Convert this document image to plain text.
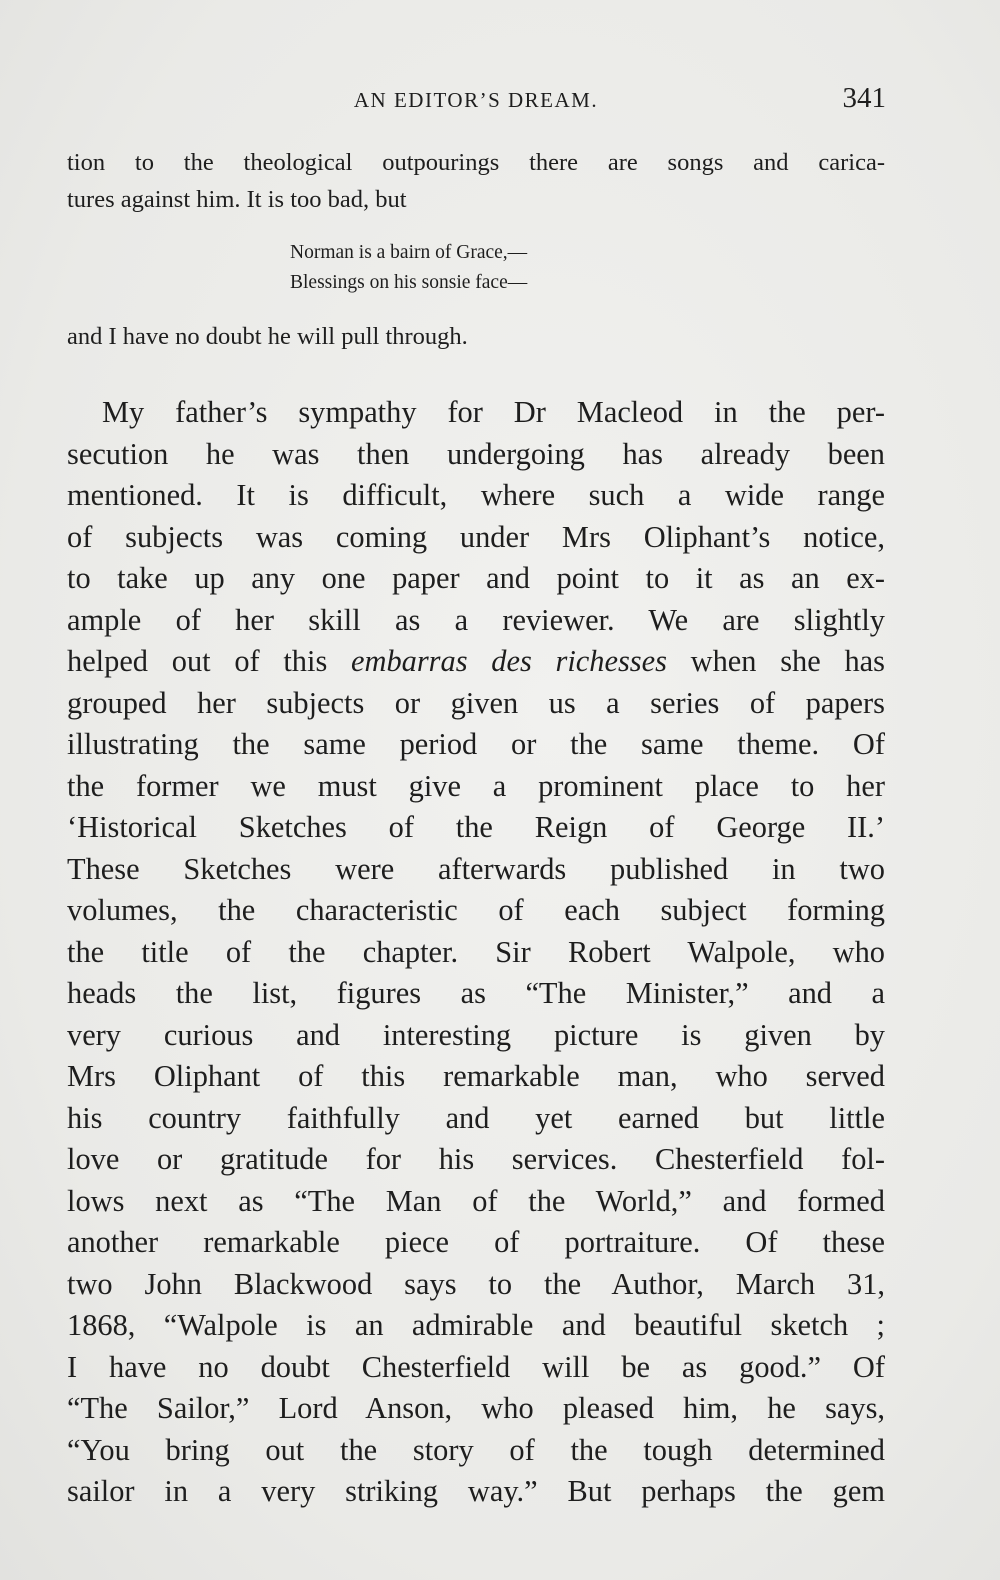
AN EDITOR’S DREAM.	341
tion to the theological outpourings there are songs and carica-
tures against him. It is too bad, but
Norman is a bairn of Grace,—
Blessings on his sonsie face—
and I have no doubt he will pull through.
My father’s sympathy for Dr Macleod in the per-
secution he was then undergoing has already been
mentioned. It is difficult, where such a wide range
of subjects was coming under Mrs Oliphant’s notice,
to take up any one paper and point to it as an ex-
ample of her skill as a reviewer. We are slightly
helped out of this embarras des richesses when she has
grouped her subjects or given us a series of papers
illustrating the same period or the same theme. Of
the former we must give a prominent place to her
‘Historical Sketches of the Reign of George II.’
These Sketches were afterwards published in two
volumes, the characteristic of each subject forming
the title of the chapter. Sir Robert Walpole, who
heads the list, figures as “The Minister,” and a
very curious and interesting picture is given by
Mrs Oliphant of this remarkable man, who served
his country faithfully and yet earned but little
love or gratitude for his services. Chesterfield fol-
lows next as “The Man of the World,” and formed
another remarkable piece of portraiture. Of these
two John Blackwood says to the Author, March 31,
1868, “Walpole is an admirable and beautiful sketch ;
I have no doubt Chesterfield will be as good.” Of
“The Sailor,” Lord Anson, who pleased him, he says,
“You bring out the story of the tough determined
sailor in a very striking way.” But perhaps the gem
